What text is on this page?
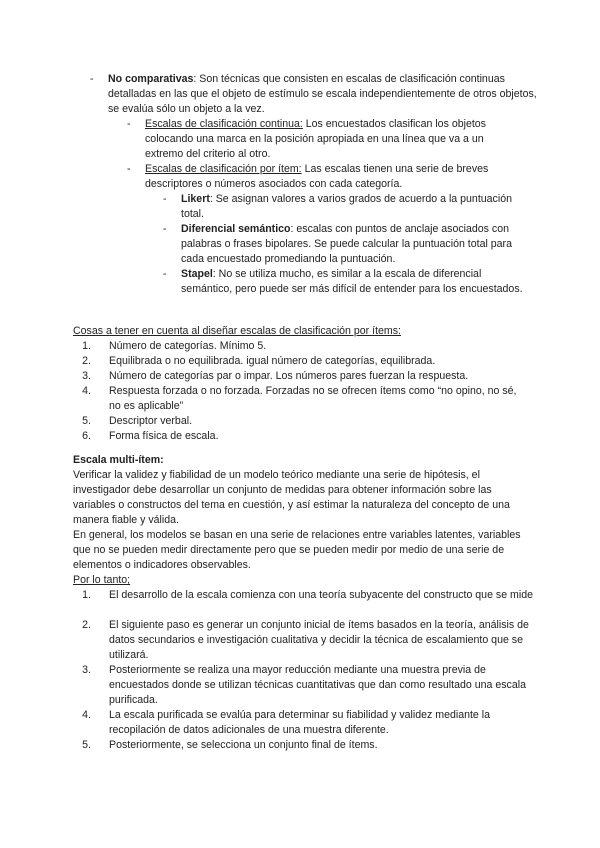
- No comparativas: Son técnicas que consisten en escalas de clasificación continuas detalladas en las que el objeto de estímulo se escala independientemente de otros objetos, se evalúa sólo un objeto a la vez.
- Escalas de clasificación continua: Los encuestados clasifican los objetos colocando una marca en la posición apropiada en una línea que va a un extremo del criterio al otro.
- Escalas de clasificación por ítem: Las escalas tienen una serie de breves descriptores o números asociados con cada categoría.
- Likert: Se asignan valores a varios grados de acuerdo a la puntuación total.
- Diferencial semántico: escalas con puntos de anclaje asociados con palabras o frases bipolares. Se puede calcular la puntuación total para cada encuestado promediando la puntuación.
- Stapel: No se utiliza mucho, es similar a la escala de diferencial semántico, pero puede ser más difícil de entender para los encuestados.
Cosas a tener en cuenta al diseñar escalas de clasificación por ítems:
1. Número de categorías. Mínimo 5.
2. Equilibrada o no equilibrada. igual número de categorías, equilibrada.
3. Número de categorías par o impar. Los números pares fuerzan la respuesta.
4. Respuesta forzada o no forzada. Forzadas no se ofrecen ítems como “no opino, no sé, no es aplicable”
5. Descriptor verbal.
6. Forma física de escala.
Escala multi-ítem:
Verificar la validez y fiabilidad de un modelo teórico mediante una serie de hipótesis, el investigador debe desarrollar un conjunto de medidas para obtener información sobre las variables o constructos del tema en cuestión, y así estimar la naturaleza del concepto de una manera fiable y válida.
En general, los modelos se basan en una serie de relaciones entre variables latentes, variables que no se pueden medir directamente pero que se pueden medir por medio de una serie de elementos o indicadores observables.
Por lo tanto;
1. El desarrollo de la escala comienza con una teoría subyacente del constructo que se mide
2. El siguiente paso es generar un conjunto inicial de ítems basados en la teoría, análisis de datos secundarios e investigación cualitativa y decidir la técnica de escalamiento que se utilizará.
3. Posteriormente se realiza una mayor reducción mediante una muestra previa de encuestados donde se utilizan técnicas cuantitativas que dan como resultado una escala purificada.
4. La escala purificada se evalúa para determinar su fiabilidad y validez mediante la recopilación de datos adicionales de una muestra diferente.
5. Posteriormente, se selecciona un conjunto final de ítems.
